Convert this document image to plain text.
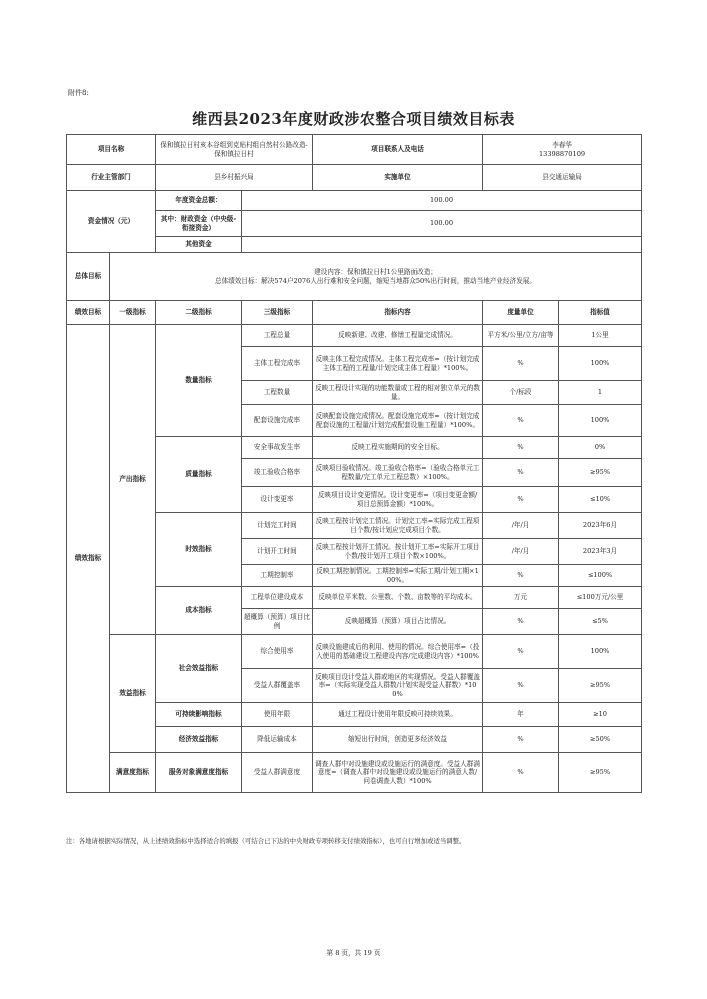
附件8:
维西县2023年度财政涉农整合项目绩效目标表
项目名称		保和镇拉日村亥本谷组到克贴村组自然村公路改造-保和镇拉日村		项目联系人及电话	李春华
13398870109	

行业主管部门		县乡村振兴局		实施单位	县交通运输局	
资金情况（元）		年度资金总额：	100.00			
		其中：财政资金（中央级-衔接资金）	100.00			
		其他资金				
总体目标	建设内容：保和镇拉日村1公里路面改造；
总体绩效目标：解决574户2076人出行难和安全问题，缩短当地群众50%出行时间，推动当地产业经济发展。					

绩效目标	一级指标	二级指标	三级指标	指标内容	度量单位	指标值
绩效指标	产出指标	数量指标	工程总量	反映新建、改建、修缮工程量完成情况。	平方米/公里/立方/亩等	1公里
			主体工程完成率	反映主体工程完成情况。主体工程完成率=（按计划完成主体工程的工程量/计划完成主体工程量）*100%。	%	100%
			工程数量	反映工程设计实现的功能数量或工程的相对独立单元的数量。	个/标段	1
			配套设施完成率	反映配套设施完成情况。配套设施完成率=（按计划完成配套设施的工程量/计划完成配套设施工程量）*100%。	%	100%
		质量指标	安全事故发生率	反映工程实施期间的安全目标。	%	0%
			竣工验收合格率	反映项目验收情况。竣工验收合格率=（验收合格单元工程数量/完工单元工程总数）×100%。	%	≥95%
			设计变更率	反映项目设计变更情况。设计变更率=（项目变更金额/项目总预算金额）*100%。	%	≤10%
		时效指标	计划完工时间	反映工程按计划完工情况。计划完工率=实际完成工程项目个数/按计划应完成项目个数。	/年/月	2023年6月
			计划开工时间	反映工程按计划开工情况。按计划开工率=实际开工项目个数/按计划开工项目个数×100%。	/年/月	2023年3月
			工期控制率	反映工期控制情况。工期控制率=实际工期/计划工期×100%。	%	≤100%
		成本指标	工程单位建设成本	反映单位平米数、公里数、个数、亩数等的平均成本。	万元	≤100万元/公里
			超概算（预算）项目比例	反映超概算（预算）项目占比情况。	%	≤5%
	效益指标	社会效益指标	综合使用率	反映设施建成后的利用、使用的情况。综合使用率=（投入使用的基础建设工程建设内容/完成建设内容）*100%	%	100%
			受益人群覆盖率	反映项目设计受益人群或地区的实现情况。受益人群覆盖率=（实际实现受益人群数/计划实现受益人群数）*100%	%	≥95%
		可持续影响指标	使用年限	通过工程设计使用年限反映可持续效果。	年	≥10
		经济效益指标	降低运输成本	缩短出行时间，创造更多经济效益	%	≥50%
	满意度指标	服务对象满意度指标	受益人群满意度	调查人群中对设施建设或设施运行的满意度。受益人群满意度=（调查人群中对设施建设或设施运行的满意人数/问卷调查人数）*100%	%	≥95%
注：各地请根据实际情况，从上述绩效指标中选择适合的填报（可结合已下达的中央财政专项转移支付绩效指标），也可自行增加或适当调整。
第 8 页，共 19 页
